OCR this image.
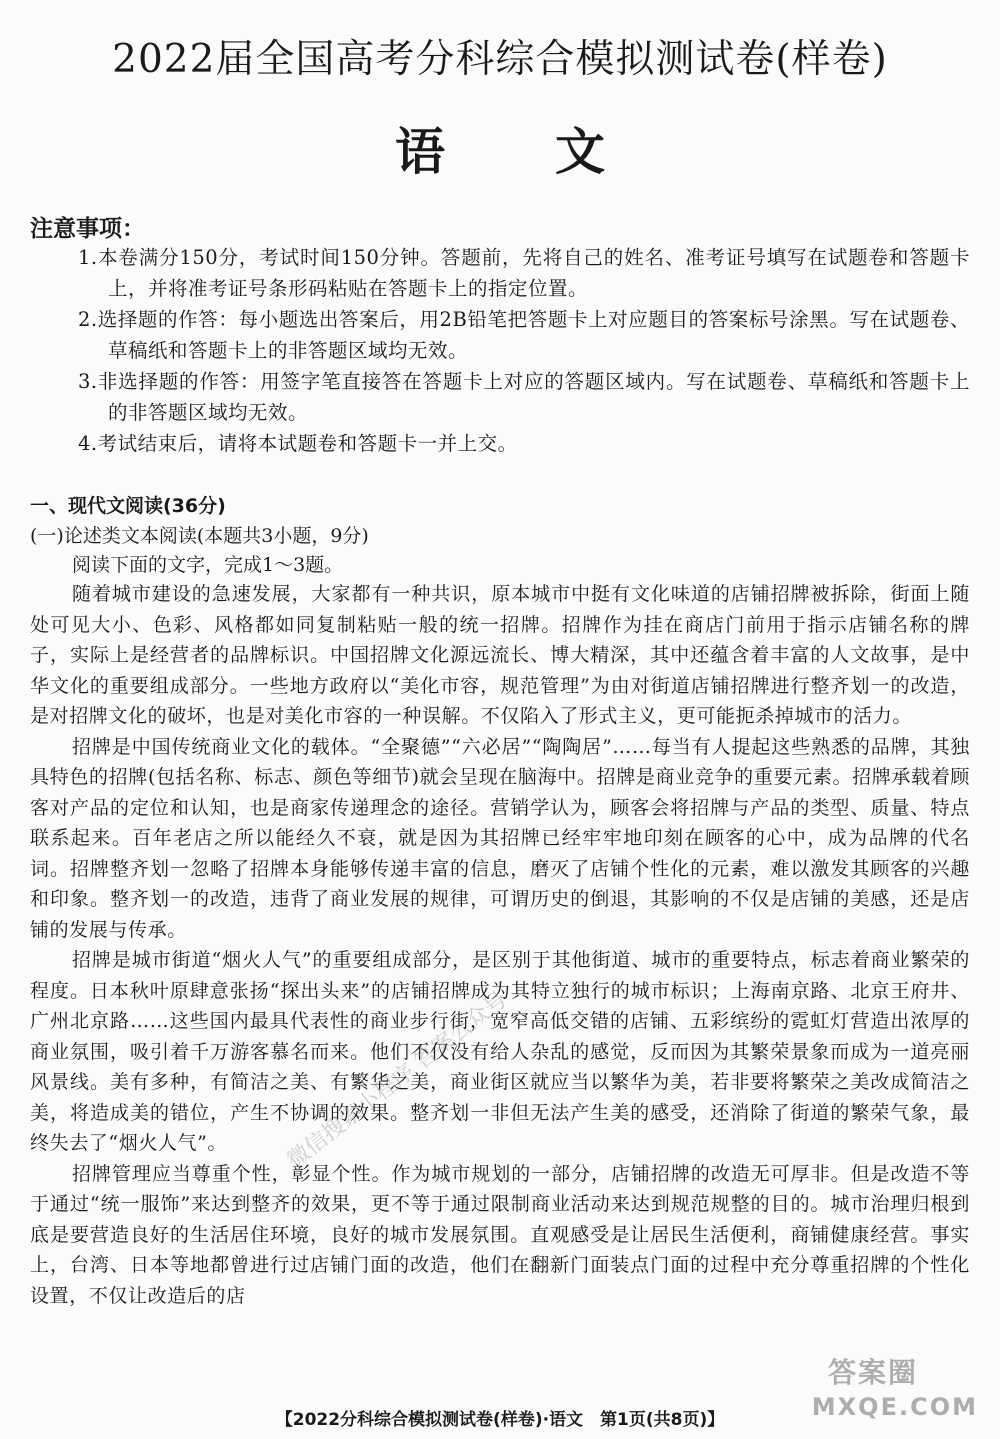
2022届全国高考分科综合模拟测试卷(样卷)
语文
注意事项：
1.本卷满分150分，考试时间150分钟。答题前，先将自己的姓名、准考证号填写在试题卷和答题卡上，并将准考证号条形码粘贴在答题卡上的指定位置。
2.选择题的作答：每小题选出答案后，用2B铅笔把答题卡上对应题目的答案标号涂黑。写在试题卷、草稿纸和答题卡上的非答题区域均无效。
3.非选择题的作答：用签字笔直接答在答题卡上对应的答题区域内。写在试题卷、草稿纸和答题卡上的非答题区域均无效。
4.考试结束后，请将本试题卷和答题卡一并上交。
一、现代文阅读(36分)
(一)论述类文本阅读(本题共3小题，9分)
阅读下面的文字，完成1～3题。

随着城市建设的急速发展，大家都有一种共识，原本城市中挺有文化味道的店铺招牌被拆除，街面上随处可见大小、色彩、风格都如同复制粘贴一般的统一招牌。招牌作为挂在商店门前用于指示店铺名称的牌子，实际上是经营者的品牌标识。中国招牌文化源远流长、博大精深，其中还蕴含着丰富的人文故事，是中华文化的重要组成部分。一些地方政府以“美化市容，规范管理”为由对街道店铺招牌进行整齐划一的改造，是对招牌文化的破坏，也是对美化市容的一种误解。不仅陷入了形式主义，更可能扼杀掉城市的活力。

招牌是中国传统商业文化的载体。“全聚德”“六必居”“陶陶居”……每当有人提起这些熟悉的品牌，其独具特色的招牌(包括名称、标志、颜色等细节)就会呈现在脑海中。招牌是商业竞争的重要元素。招牌承载着顾客对产品的定位和认知，也是商家传递理念的途径。营销学认为，顾客会将招牌与产品的类型、质量、特点联系起来。百年老店之所以能经久不衰，就是因为其招牌已经牢牢地印刻在顾客的心中，成为品牌的代名词。招牌整齐划一忽略了招牌本身能够传递丰富的信息，磨灭了店铺个性化的元素，难以激发其顾客的兴趣和印象。整齐划一的改造，违背了商业发展的规律，可谓历史的倒退，其影响的不仅是店铺的美感，还是店铺的发展与传承。

招牌是城市街道“烟火人气”的重要组成部分，是区别于其他街道、城市的重要特点，标志着商业繁荣的程度。日本秋叶原肆意张扬“探出头来”的店铺招牌成为其特立独行的城市标识；上海南京路、北京王府井、广州北京路……这些国内最具代表性的商业步行街，宽窄高低交错的店铺、五彩缤纷的霓虹灯营造出浓厚的商业氛围，吸引着千万游客慕名而来。他们不仅没有给人杂乱的感觉，反而因为其繁荣景象而成为一道亮丽风景线。美有多种，有简洁之美、有繁华之美，商业街区就应当以繁华为美，若非要将繁荣之美改成简洁之美，将造成美的错位，产生不协调的效果。整齐划一非但无法产生美的感受，还消除了街道的繁荣气象，最终失去了“烟火人气”。

招牌管理应当尊重个性，彰显个性。作为城市规划的一部分，店铺招牌的改造无可厚非。但是改造不等于通过“统一服饰”来达到整齐的效果，更不等于通过限制商业活动来达到规范规整的目的。城市治理归根到底是要营造良好的生活居住环境，良好的城市发展氛围。直观感受是让居民生活便利，商铺健康经营。事实上，台湾、日本等地都曾进行过店铺门面的改造，他们在翻新门面装点门面的过程中充分尊重招牌的个性化设置，不仅让改造后的店

微信搜索小程序 答案公众号
【2022分科综合模拟测试卷(样卷)·语文　第1页(共8页)】
答案圈
MXQE.COM
